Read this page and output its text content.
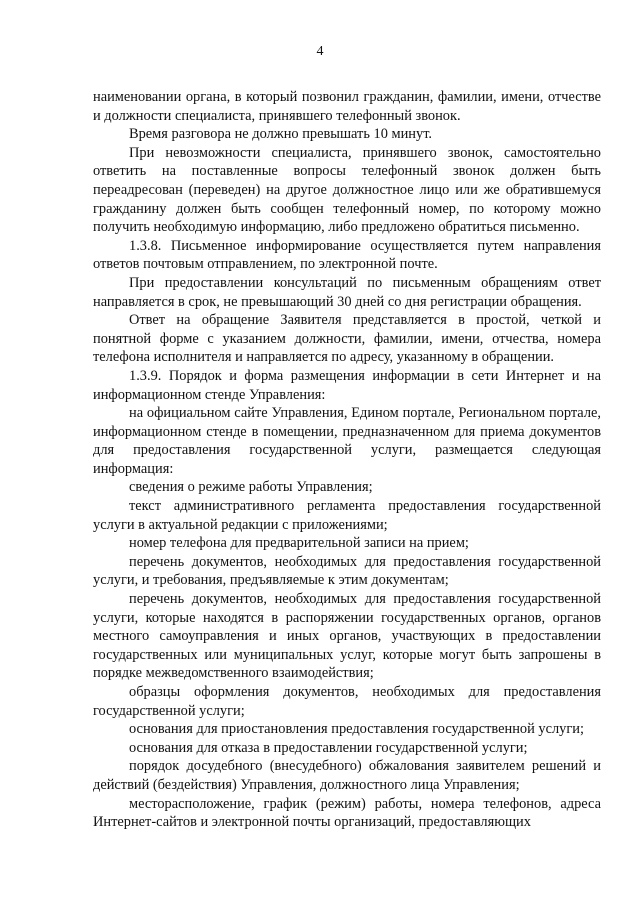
4

наименовании органа, в который позвонил гражданин, фамилии, имени, отчестве и должности специалиста, принявшего телефонный звонок.

Время разговора не должно превышать 10 минут.

При невозможности специалиста, принявшего звонок, самостоятельно ответить на поставленные вопросы телефонный звонок должен быть переадресован (переведен) на другое должностное лицо или же обратившемуся гражданину должен быть сообщен телефонный номер, по которому можно получить необходимую информацию, либо предложено обратиться письменно.

1.3.8. Письменное информирование осуществляется путем направления ответов почтовым отправлением, по электронной почте.

При предоставлении консультаций по письменным обращениям ответ направляется в срок, не превышающий 30 дней со дня регистрации обращения.

Ответ на обращение Заявителя представляется в простой, четкой и понятной форме с указанием должности, фамилии, имени, отчества, номера телефона исполнителя и направляется по адресу, указанному в обращении.

1.3.9. Порядок и форма размещения информации в сети Интернет и на информационном стенде Управления:

на официальном сайте Управления, Едином портале, Региональном портале, информационном стенде в помещении, предназначенном для приема документов для предоставления государственной услуги, размещается следующая информация:

сведения о режиме работы Управления;

текст административного регламента предоставления государственной услуги в актуальной редакции с приложениями;

номер телефона для предварительной записи на прием;

перечень документов, необходимых для предоставления государственной услуги, и требования, предъявляемые к этим документам;

перечень документов, необходимых для предоставления государственной услуги, которые находятся в распоряжении государственных органов, органов местного самоуправления и иных органов, участвующих в предоставлении государственных или муниципальных услуг, которые могут быть запрошены в порядке межведомственного взаимодействия;

образцы оформления документов, необходимых для предоставления государственной услуги;

основания для приостановления предоставления государственной услуги;

основания для отказа в предоставлении государственной услуги;

порядок досудебного (внесудебного) обжалования заявителем решений и действий (бездействия) Управления, должностного лица Управления;

месторасположение, график (режим) работы, номера телефонов, адреса Интернет-сайтов и электронной почты организаций, предоставляющих
